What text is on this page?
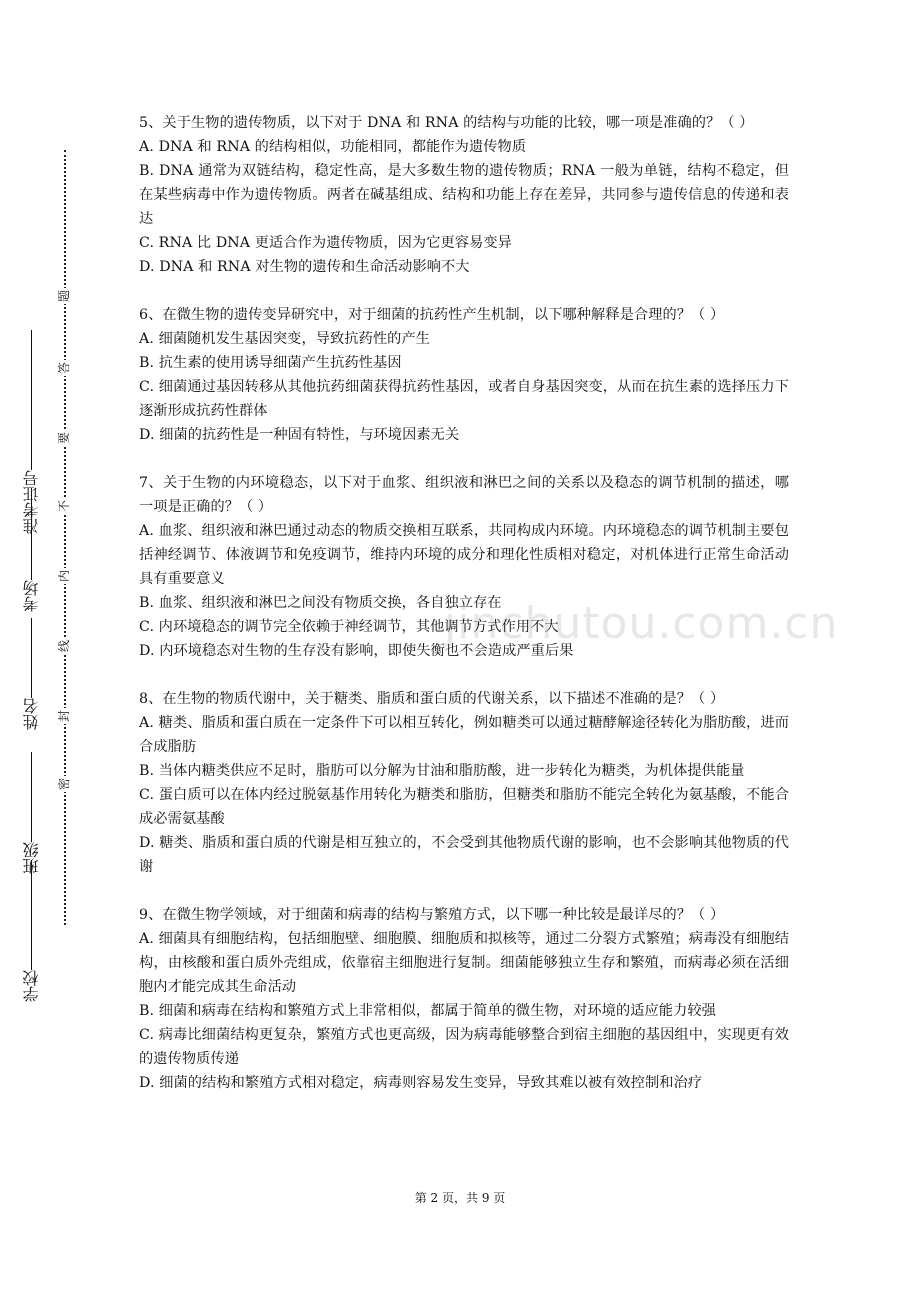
准考证号
考场
姓名
班级
学校
题
答
要
不
内
线
封
密
jinchutou.com.cn

5、关于生物的遗传物质，以下对于 DNA 和 RNA 的结构与功能的比较，哪一项是准确的？（ ）

A. DNA 和 RNA 的结构相似，功能相同，都能作为遗传物质

B. DNA 通常为双链结构，稳定性高，是大多数生物的遗传物质；RNA 一般为单链，结构不稳定，但在某些病毒中作为遗传物质。两者在碱基组成、结构和功能上存在差异，共同参与遗传信息的传递和表达

C. RNA 比 DNA 更适合作为遗传物质，因为它更容易变异

D. DNA 和 RNA 对生物的遗传和生命活动影响不大

6、在微生物的遗传变异研究中，对于细菌的抗药性产生机制，以下哪种解释是合理的？（ ）

A. 细菌随机发生基因突变，导致抗药性的产生

B. 抗生素的使用诱导细菌产生抗药性基因

C. 细菌通过基因转移从其他抗药细菌获得抗药性基因，或者自身基因突变，从而在抗生素的选择压力下逐渐形成抗药性群体

D. 细菌的抗药性是一种固有特性，与环境因素无关

7、关于生物的内环境稳态，以下对于血浆、组织液和淋巴之间的关系以及稳态的调节机制的描述，哪一项是正确的？（ ）

A. 血浆、组织液和淋巴通过动态的物质交换相互联系，共同构成内环境。内环境稳态的调节机制主要包括神经调节、体液调节和免疫调节，维持内环境的成分和理化性质相对稳定，对机体进行正常生命活动具有重要意义

B. 血浆、组织液和淋巴之间没有物质交换，各自独立存在

C. 内环境稳态的调节完全依赖于神经调节，其他调节方式作用不大

D. 内环境稳态对生物的生存没有影响，即使失衡也不会造成严重后果

8、在生物的物质代谢中，关于糖类、脂质和蛋白质的代谢关系，以下描述不准确的是？（ ）

A. 糖类、脂质和蛋白质在一定条件下可以相互转化，例如糖类可以通过糖酵解途径转化为脂肪酸，进而合成脂肪

B. 当体内糖类供应不足时，脂肪可以分解为甘油和脂肪酸，进一步转化为糖类，为机体提供能量

C. 蛋白质可以在体内经过脱氨基作用转化为糖类和脂肪，但糖类和脂肪不能完全转化为氨基酸，不能合成必需氨基酸

D. 糖类、脂质和蛋白质的代谢是相互独立的，不会受到其他物质代谢的影响，也不会影响其他物质的代谢

9、在微生物学领域，对于细菌和病毒的结构与繁殖方式，以下哪一种比较是最详尽的？（ ）

A. 细菌具有细胞结构，包括细胞壁、细胞膜、细胞质和拟核等，通过二分裂方式繁殖；病毒没有细胞结构，由核酸和蛋白质外壳组成，依靠宿主细胞进行复制。细菌能够独立生存和繁殖，而病毒必须在活细胞内才能完成其生命活动

B. 细菌和病毒在结构和繁殖方式上非常相似，都属于简单的微生物，对环境的适应能力较强

C. 病毒比细菌结构更复杂，繁殖方式也更高级，因为病毒能够整合到宿主细胞的基因组中，实现更有效的遗传物质传递

D. 细菌的结构和繁殖方式相对稳定，病毒则容易发生变异，导致其难以被有效控制和治疗

第 2 页，共 9 页
